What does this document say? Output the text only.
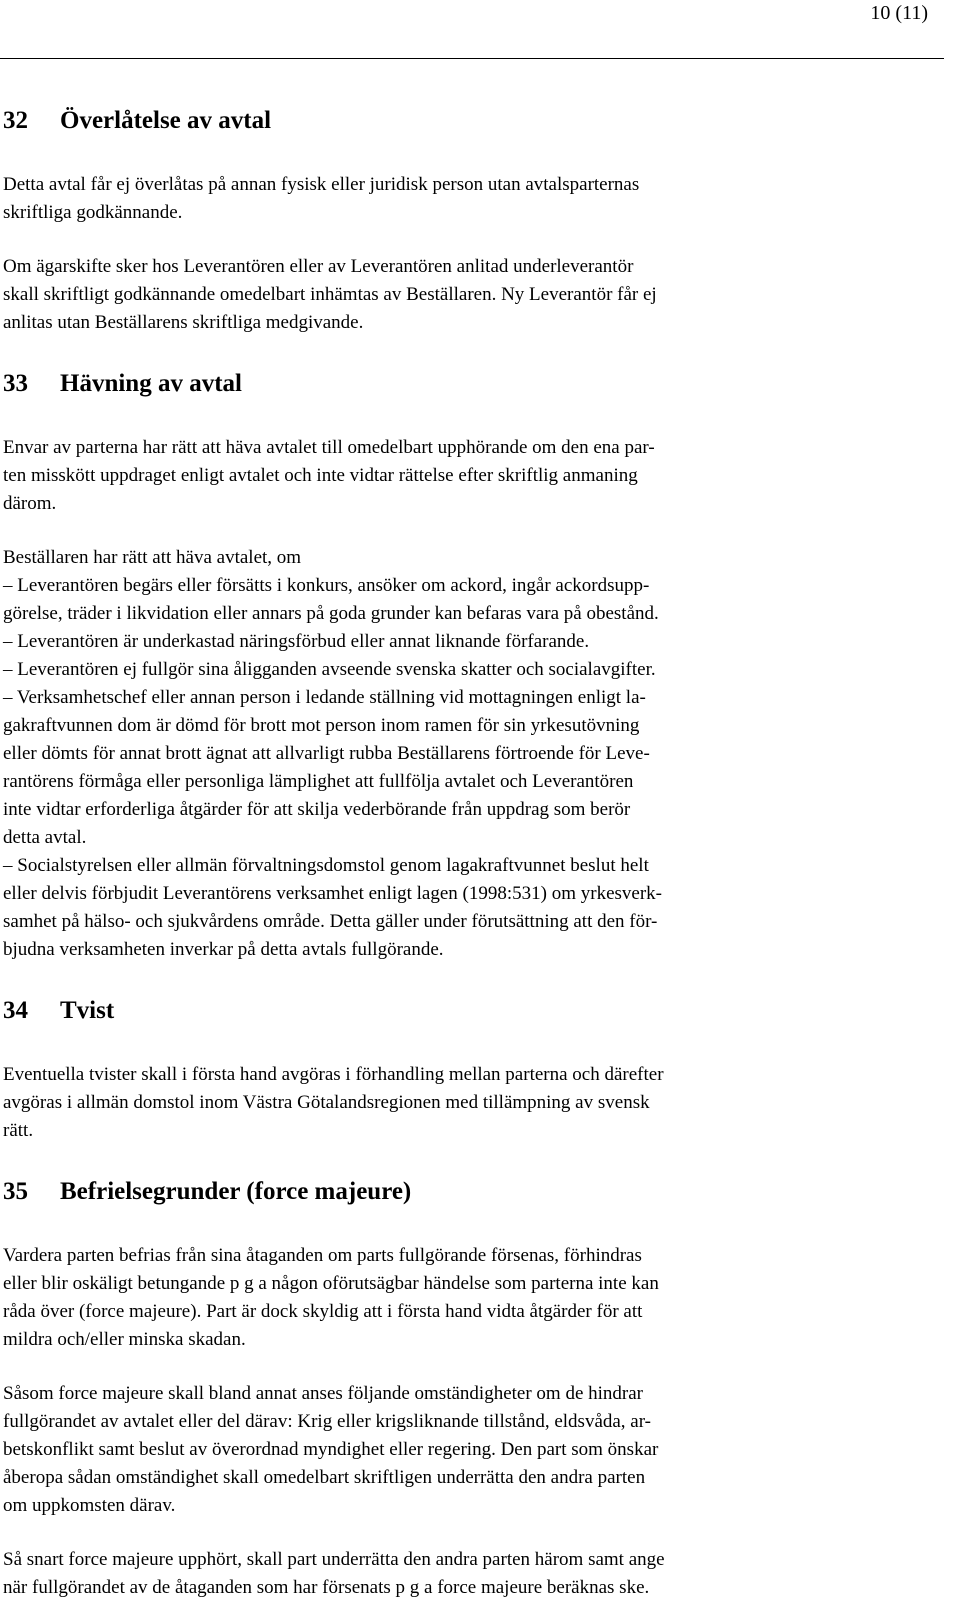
10 (11)
32 Överlåtelse av avtal
Detta avtal får ej överlåtas på annan fysisk eller juridisk person utan avtalsparternas
skriftliga godkännande.
Om ägarskifte sker hos Leverantören eller av Leverantören anlitad underleverantör
skall skriftligt godkännande omedelbart inhämtas av Beställaren. Ny Leverantör får ej
anlitas utan Beställarens skriftliga medgivande.
33 Hävning av avtal
Envar av parterna har rätt att häva avtalet till omedelbart upphörande om den ena par-
ten misskött uppdraget enligt avtalet och inte vidtar rättelse efter skriftlig anmaning
därom.
Beställaren har rätt att häva avtalet, om
– Leverantören begärs eller försätts i konkurs, ansöker om ackord, ingår ackordsupp-
görelse, träder i likvidation eller annars på goda grunder kan befaras vara på obestånd.
– Leverantören är underkastad näringsförbud eller annat liknande förfarande.
– Leverantören ej fullgör sina åligganden avseende svenska skatter och socialavgifter.
– Verksamhetschef eller annan person i ledande ställning vid mottagningen enligt la-
gakraftvunnen dom är dömd för brott mot person inom ramen för sin yrkesutövning
eller dömts för annat brott ägnat att allvarligt rubba Beställarens förtroende för Leve-
rantörens förmåga eller personliga lämplighet att fullfölja avtalet och Leverantören
inte vidtar erforderliga åtgärder för att skilja vederbörande från uppdrag som berör
detta avtal.
– Socialstyrelsen eller allmän förvaltningsdomstol genom lagakraftvunnet beslut helt
eller delvis förbjudit Leverantörens verksamhet enligt lagen (1998:531) om yrkesverk-
samhet på hälso- och sjukvårdens område. Detta gäller under förutsättning att den för-
bjudna verksamheten inverkar på detta avtals fullgörande.
34 Tvist
Eventuella tvister skall i första hand avgöras i förhandling mellan parterna och därefter
avgöras i allmän domstol inom Västra Götalandsregionen med tillämpning av svensk
rätt.
35 Befrielsegrunder (force majeure)
Vardera parten befrias från sina åtaganden om parts fullgörande försenas, förhindras
eller blir oskäligt betungande p g a någon oförutsägbar händelse som parterna inte kan
råda över (force majeure). Part är dock skyldig att i första hand vidta åtgärder för att
mildra och/eller minska skadan.
Såsom force majeure skall bland annat anses följande omständigheter om de hindrar
fullgörandet av avtalet eller del därav: Krig eller krigsliknande tillstånd, eldsvåda, ar-
betskonflikt samt beslut av överordnad myndighet eller regering. Den part som önskar
åberopa sådan omständighet skall omedelbart skriftligen underrätta den andra parten
om uppkomsten därav.
Så snart force majeure upphört, skall part underrätta den andra parten härom samt ange
när fullgörandet av de åtaganden som har försenats p g a force majeure beräknas ske.
